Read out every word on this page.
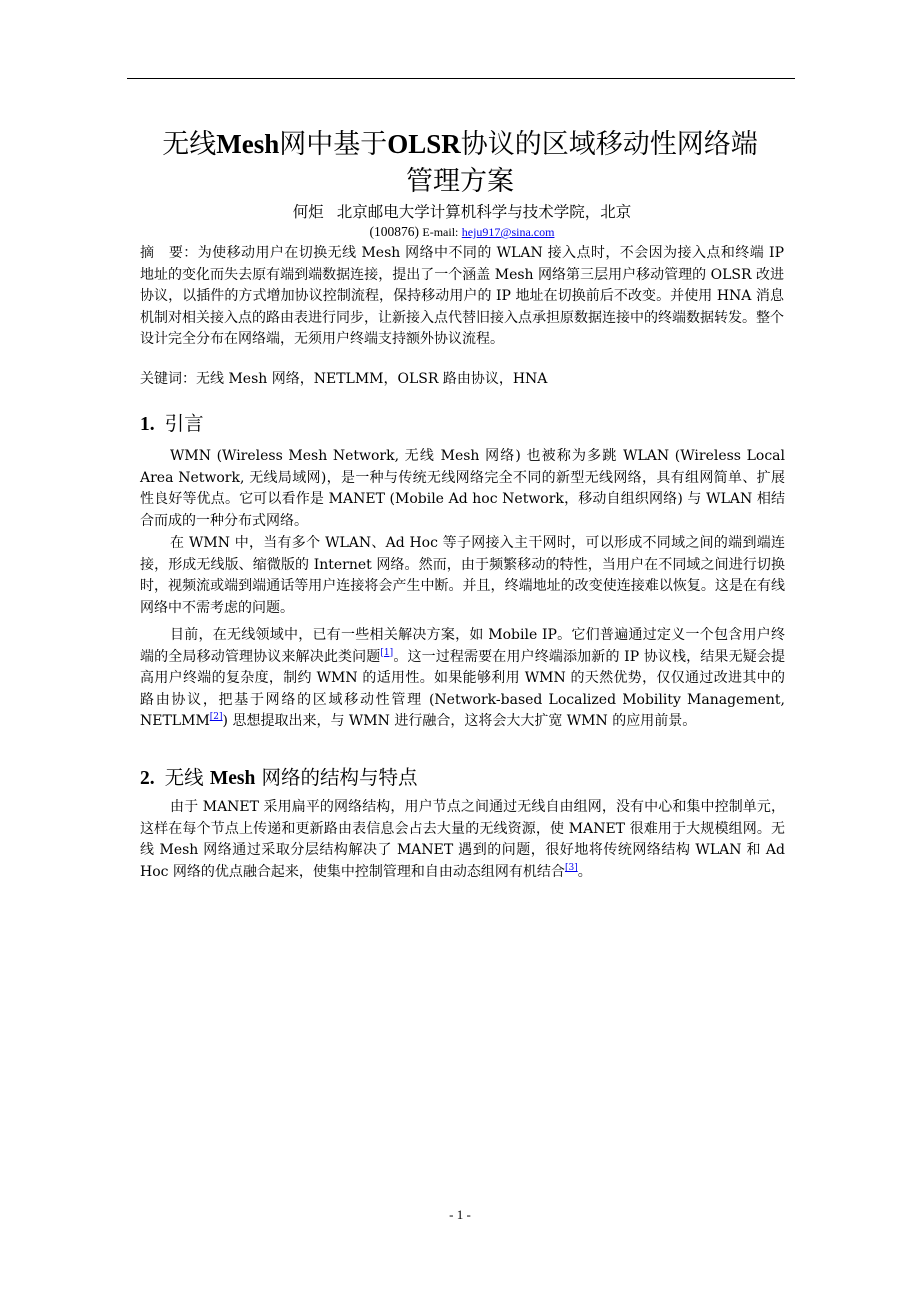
无线Mesh网中基于OLSR协议的区域移动性网络端
管理方案
何炬 北京邮电大学计算机科学与技术学院，北京
(100876) E-mail: heju917@sina.com

摘　要：为使移动用户在切换无线 Mesh 网络中不同的 WLAN 接入点时，不会因为接入点和终端 IP 地址的变化而失去原有端到端数据连接，提出了一个涵盖 Mesh 网络第三层用户移动管理的 OLSR 改进协议，以插件的方式增加协议控制流程，保持移动用户的 IP 地址在切换前后不改变。并使用 HNA 消息机制对相关接入点的路由表进行同步，让新接入点代替旧接入点承担原数据连接中的终端数据转发。整个设计完全分布在网络端，无须用户终端支持额外协议流程。

关键词：无线 Mesh 网络，NETLMM，OLSR 路由协议，HNA

1. 引言

WMN (Wireless Mesh Network, 无线 Mesh 网络) 也被称为多跳 WLAN (Wireless Local Area Network, 无线局域网)，是一种与传统无线网络完全不同的新型无线网络，具有组网简单、扩展性良好等优点。它可以看作是 MANET (Mobile Ad hoc Network，移动自组织网络) 与 WLAN 相结合而成的一种分布式网络。

在 WMN 中，当有多个 WLAN、Ad Hoc 等子网接入主干网时，可以形成不同域之间的端到端连接，形成无线版、缩微版的 Internet 网络。然而，由于频繁移动的特性，当用户在不同域之间进行切换时，视频流或端到端通话等用户连接将会产生中断。并且，终端地址的改变使连接难以恢复。这是在有线网络中不需考虑的问题。

目前，在无线领域中，已有一些相关解决方案，如 Mobile IP。它们普遍通过定义一个包含用户终端的全局移动管理协议来解决此类问题[1]。这一过程需要在用户终端添加新的 IP 协议栈，结果无疑会提高用户终端的复杂度，制约 WMN 的适用性。如果能够利用 WMN 的天然优势，仅仅通过改进其中的路由协议，把基于网络的区域移动性管理 (Network-based Localized Mobility Management, NETLMM[2]) 思想提取出来，与 WMN 进行融合，这将会大大扩宽 WMN 的应用前景。

2. 无线 Mesh 网络的结构与特点

由于 MANET 采用扁平的网络结构，用户节点之间通过无线自由组网，没有中心和集中控制单元，这样在每个节点上传递和更新路由表信息会占去大量的无线资源，使 MANET 很难用于大规模组网。无线 Mesh 网络通过采取分层结构解决了 MANET 遇到的问题，很好地将传统网络结构 WLAN 和 Ad Hoc 网络的优点融合起来，使集中控制管理和自由动态组网有机结合[3]。

- 1 -
